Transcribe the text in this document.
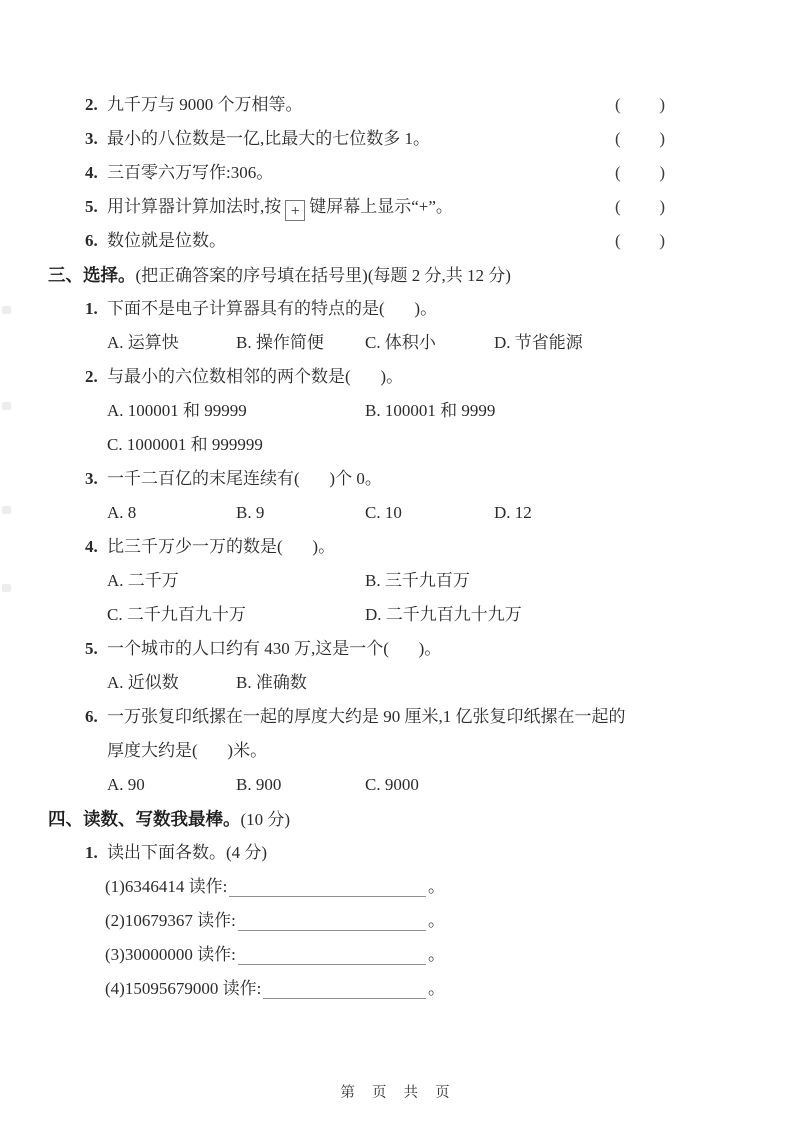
2. 九千万与 9000 个万相等。	( )
3. 最小的八位数是一亿,比最大的七位数多 1。	( )
4. 三百零六万写作:306。	( )
5. 用计算器计算加法时,按 + 键屏幕上显示“+”。	( )
6. 数位就是位数。	( )
三、选择。(把正确答案的序号填在括号里)(每题 2 分,共 12 分)
1. 下面不是电子计算器具有的特点的是(       )。
A. 运算快	B. 操作简便 C. 体积小	D. 节省能源
2. 与最小的六位数相邻的两个数是(       )。
A. 100001 和 99999	B. 100001 和 9999
C. 1000001 和 999999
3. 一千二百亿的末尾连续有(       )个 0。
A. 8	B. 9	C. 10	D. 12
4. 比三千万少一万的数是(       )。
A. 二千万	B. 三千九百万
C. 二千九百九十万	D. 二千九百九十九万
5. 一个城市的人口约有 430 万,这是一个(       )。
A. 近似数	B. 准确数
6. 一万张复印纸摞在一起的厚度大约是 90 厘米,1 亿张复印纸摞在一起的
厚度大约是(       )米。
A. 90	B. 900	C. 9000
四、读数、写数我最棒。(10 分)
1. 读出下面各数。(4 分)
(1)6346414 读作:	。
(2)10679367 读作:	。
(3)30000000 读作:	。
(4)15095679000 读作:	。
第  页  共  页
